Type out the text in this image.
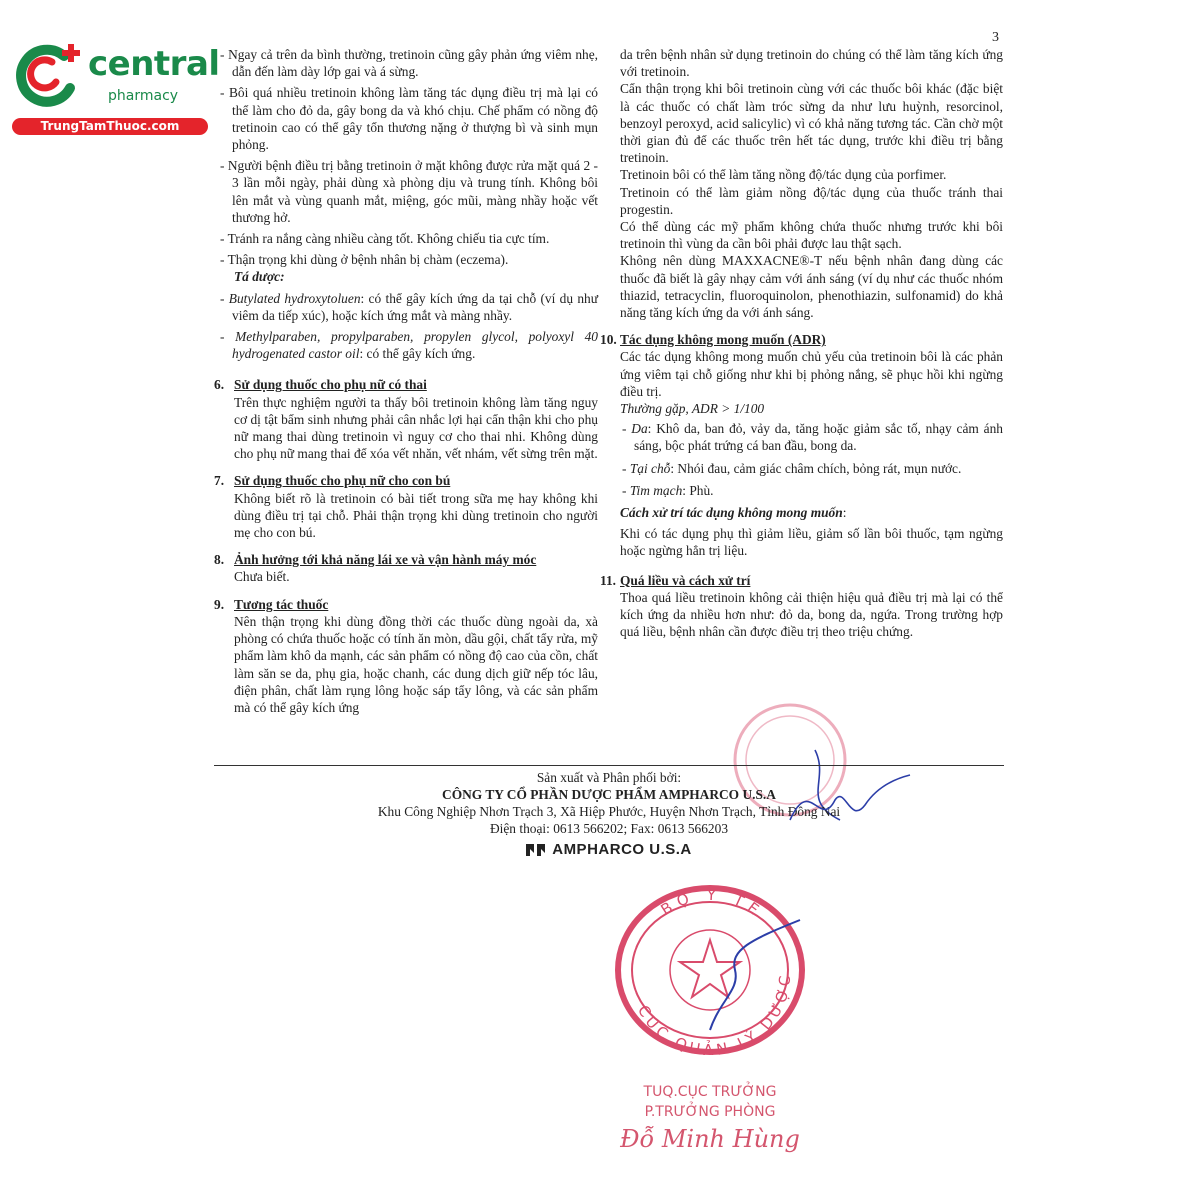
3
central
pharmacy
TrungTamThuoc.com

- Ngay cả trên da bình thường, tretinoin cũng gây phản ứng viêm nhẹ, dẫn đến làm dày lớp gai và á sừng.

- Bôi quá nhiều tretinoin không làm tăng tác dụng điều trị mà lại có thể làm cho đỏ da, gây bong da và khó chịu. Chế phẩm có nồng độ tretinoin cao có thể gây tổn thương nặng ở thượng bì và sinh mụn phỏng.

- Người bệnh điều trị bằng tretinoin ở mặt không được rửa mặt quá 2 - 3 lần mỗi ngày, phải dùng xà phòng dịu và trung tính. Không bôi lên mắt và vùng quanh mắt, miệng, góc mũi, màng nhầy hoặc vết thương hở.

- Tránh ra nắng càng nhiều càng tốt. Không chiếu tia cực tím.

- Thận trọng khi dùng ở bệnh nhân bị chàm (eczema).

Tá dược:

- Butylated hydroxytoluen: có thể gây kích ứng da tại chỗ (ví dụ như viêm da tiếp xúc), hoặc kích ứng mắt và màng nhầy.

- Methylparaben, propylparaben, propylen glycol, polyoxyl 40 hydrogenated castor oil: có thể gây kích ứng.

6. Sử dụng thuốc cho phụ nữ có thai
Trên thực nghiệm người ta thấy bôi tretinoin không làm tăng nguy cơ dị tật bẩm sinh nhưng phải cân nhắc lợi hại cẩn thận khi cho phụ nữ mang thai dùng tretinoin vì nguy cơ cho thai nhi. Không dùng cho phụ nữ mang thai để xóa vết nhăn, vết nhám, vết sừng trên mặt.
7. Sử dụng thuốc cho phụ nữ cho con bú
Không biết rõ là tretinoin có bài tiết trong sữa mẹ hay không khi dùng điều trị tại chỗ. Phải thận trọng khi dùng tretinoin cho người mẹ cho con bú.
8. Ảnh hưởng tới khả năng lái xe và vận hành máy móc
Chưa biết.
9. Tương tác thuốc
Nên thận trọng khi dùng đồng thời các thuốc dùng ngoài da, xà phòng có chứa thuốc hoặc có tính ăn mòn, dầu gội, chất tẩy rửa, mỹ phẩm làm khô da mạnh, các sản phẩm có nồng độ cao của cồn, chất làm săn se da, phụ gia, hoặc chanh, các dung dịch giữ nếp tóc lâu, điện phân, chất làm rụng lông hoặc sáp tẩy lông, và các sản phẩm mà có thể gây kích ứng
da trên bệnh nhân sử dụng tretinoin do chúng có thể làm tăng kích ứng với tretinoin.
Cẩn thận trọng khi bôi tretinoin cùng với các thuốc bôi khác (đặc biệt là các thuốc có chất làm tróc sừng da như lưu huỳnh, resorcinol, benzoyl peroxyd, acid salicylic) vì có khả năng tương tác. Cần chờ một thời gian đủ để các thuốc trên hết tác dụng, trước khi điều trị bằng tretinoin.
Tretinoin bôi có thể làm tăng nồng độ/tác dụng của porfimer.
Tretinoin có thể làm giảm nồng độ/tác dụng của thuốc tránh thai progestin.
Có thể dùng các mỹ phẩm không chứa thuốc nhưng trước khi bôi tretinoin thì vùng da cần bôi phải được lau thật sạch.
Không nên dùng MAXXACNE®-T nếu bệnh nhân đang dùng các thuốc đã biết là gây nhạy cảm với ánh sáng (ví dụ như các thuốc nhóm thiazid, tetracyclin, fluoroquinolon, phenothiazin, sulfonamid) do khả năng tăng kích ứng da với ánh sáng.
10. Tác dụng không mong muốn (ADR)
Các tác dụng không mong muốn chủ yếu của tretinoin bôi là các phản ứng viêm tại chỗ giống như khi bị phỏng nắng, sẽ phục hồi khi ngừng điều trị.
Thường gặp, ADR > 1/100

- Da: Khô da, ban đỏ, vảy da, tăng hoặc giảm sắc tố, nhạy cảm ánh sáng, bộc phát trứng cá ban đầu, bong da.

- Tại chỗ: Nhói đau, cảm giác châm chích, bỏng rát, mụn nước.

- Tim mạch: Phù.

Cách xử trí tác dụng không mong muốn:
Khi có tác dụng phụ thì giảm liều, giảm số lần bôi thuốc, tạm ngừng hoặc ngừng hẳn trị liệu.
11. Quá liều và cách xử trí
Thoa quá liều tretinoin không cải thiện hiệu quả điều trị mà lại có thể kích ứng da nhiều hơn như: đỏ da, bong da, ngứa. Trong trường hợp quá liều, bệnh nhân cần được điều trị theo triệu chứng.
Sản xuất và Phân phối bởi:
CÔNG TY CỔ PHẦN DƯỢC PHẨM AMPHARCO U.S.A
Khu Công Nghiệp Nhơn Trạch 3, Xã Hiệp Phước, Huyện Nhơn Trạch, Tỉnh Đồng Nai
Điện thoại: 0613 566202; Fax: 0613 566203
AMPHARCO U.S.A
BỘ Y TẾ
CỤC QUẢN LÝ DƯỢC
TUQ.CỤC TRƯỞNG
P.TRƯỞNG PHÒNG
Đỗ Minh Hùng
